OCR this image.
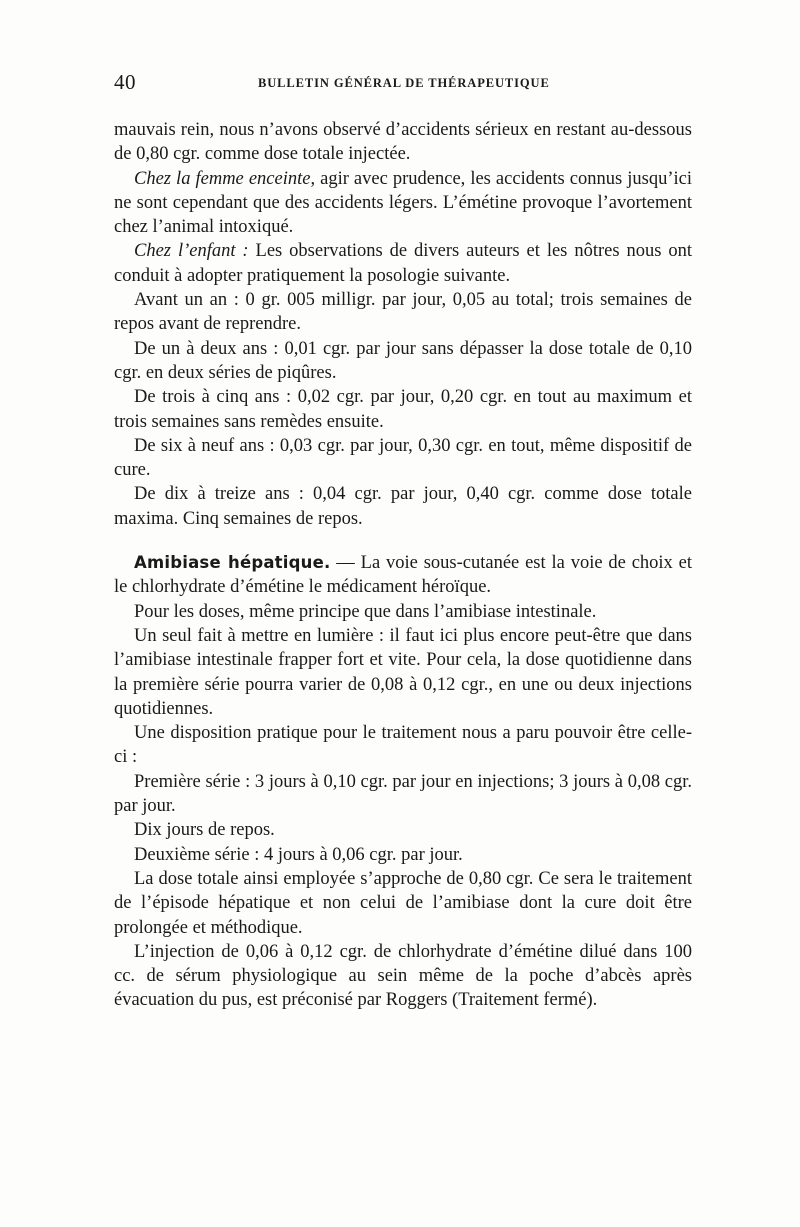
40	BULLETIN GÉNÉRAL DE THÉRAPEUTIQUE

mauvais rein, nous n’avons observé d’accidents sérieux en restant au-dessous de 0,80 cgr. comme dose totale injectée.

Chez la femme enceinte, agir avec prudence, les accidents connus jusqu’ici ne sont cependant que des accidents légers. L’émétine provoque l’avortement chez l’animal intoxiqué.

Chez l’enfant : Les observations de divers auteurs et les nôtres nous ont conduit à adopter pratiquement la posologie suivante.

Avant un an : 0 gr. 005 milligr. par jour, 0,05 au total; trois semaines de repos avant de reprendre.

De un à deux ans : 0,01 cgr. par jour sans dépasser la dose totale de 0,10 cgr. en deux séries de piqûres.

De trois à cinq ans : 0,02 cgr. par jour, 0,20 cgr. en tout au maximum et trois semaines sans remèdes ensuite.

De six à neuf ans : 0,03 cgr. par jour, 0,30 cgr. en tout, même dispositif de cure.

De dix à treize ans : 0,04 cgr. par jour, 0,40 cgr. comme dose totale maxima. Cinq semaines de repos.

Amibiase hépatique. — La voie sous-cutanée est la voie de choix et le chlorhydrate d’émétine le médicament héroïque.

Pour les doses, même principe que dans l’amibiase intestinale.

Un seul fait à mettre en lumière : il faut ici plus encore peut-être que dans l’amibiase intestinale frapper fort et vite. Pour cela, la dose quotidienne dans la première série pourra varier de 0,08 à 0,12 cgr., en une ou deux injections quotidiennes.

Une disposition pratique pour le traitement nous a paru pouvoir être celle-ci :

Première série : 3 jours à 0,10 cgr. par jour en injections; 3 jours à 0,08 cgr. par jour.

Dix jours de repos.

Deuxième série : 4 jours à 0,06 cgr. par jour.

La dose totale ainsi employée s’approche de 0,80 cgr. Ce sera le traitement de l’épisode hépatique et non celui de l’amibiase dont la cure doit être prolongée et méthodique.

L’injection de 0,06 à 0,12 cgr. de chlorhydrate d’émétine dilué dans 100 cc. de sérum physiologique au sein même de la poche d’abcès après évacuation du pus, est préconisé par Roggers (Traitement fermé).
